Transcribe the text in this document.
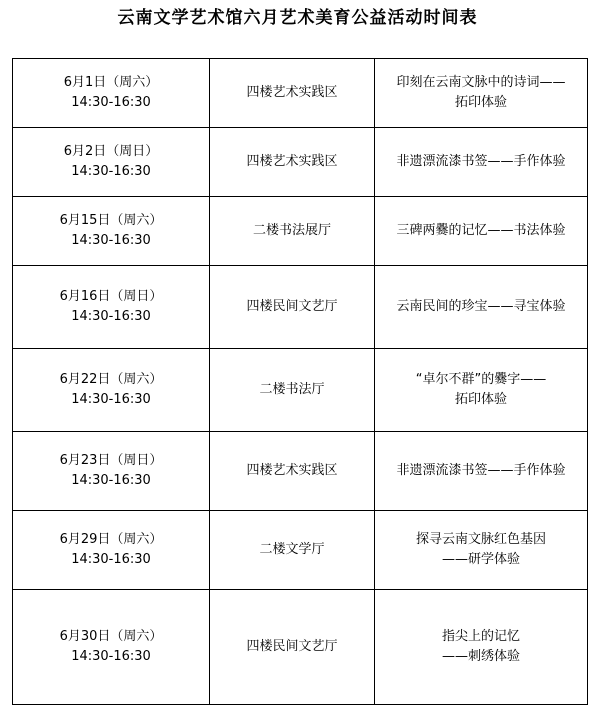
云南文学艺术馆六月艺术美育公益活动时间表
6月1日（周六）
14:30-16:30	四楼艺术实践区	印刻在云南文脉中的诗词——
拓印体验

6月2日（周日）
14:30-16:30	四楼艺术实践区	非遗漂流漆书签——手作体验

6月15日（周六）
14:30-16:30	二楼书法展厅	三碑两爨的记忆——书法体验

6月16日（周日）
14:30-16:30	四楼民间文艺厅	云南民间的珍宝——寻宝体验

6月22日（周六）
14:30-16:30	二楼书法厅	“卓尔不群”的爨字——
拓印体验

6月23日（周日）
14:30-16:30	四楼艺术实践区	非遗漂流漆书签——手作体验

6月29日（周六）
14:30-16:30	二楼文学厅	探寻云南文脉红色基因
——研学体验

6月30日（周六）
14:30-16:30	四楼民间文艺厅	指尖上的记忆
——刺绣体验
